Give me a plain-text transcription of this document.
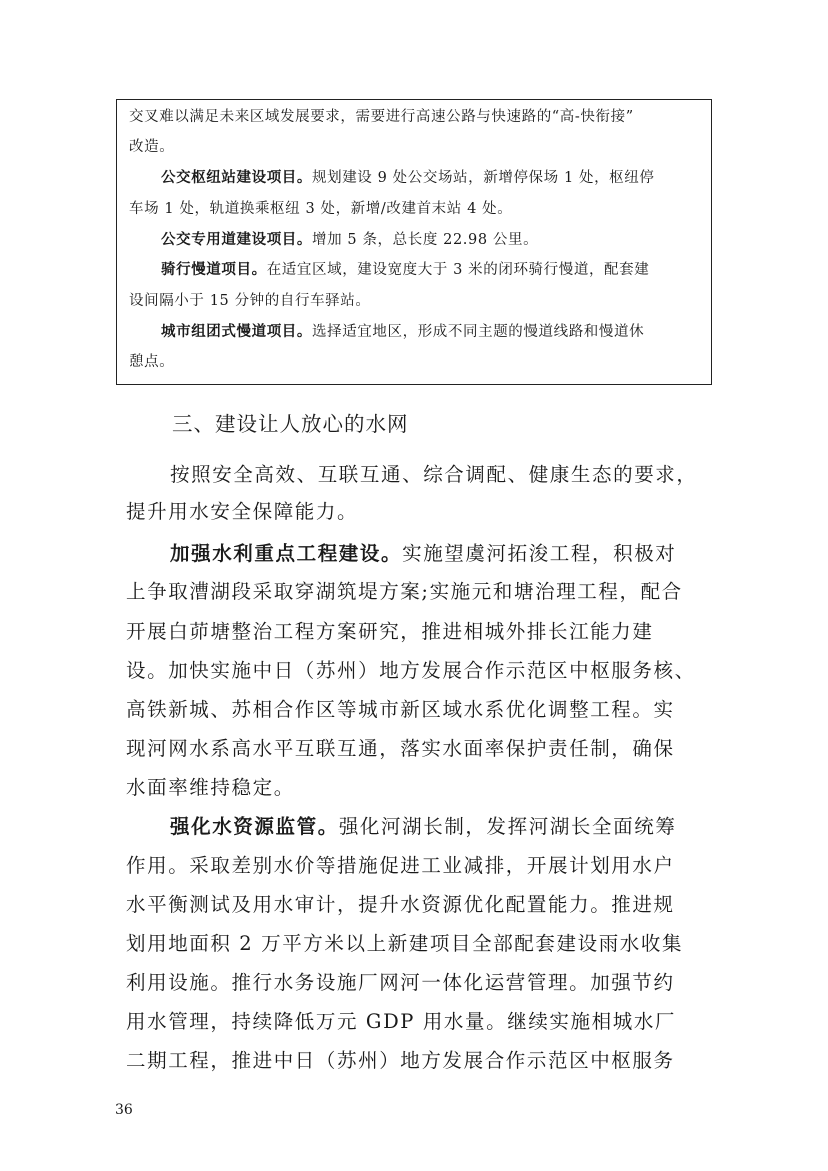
交叉难以满足未来区域发展要求，需要进行高速公路与快速路的“高-快衔接”
改造。
公交枢纽站建设项目。规划建设 9 处公交场站，新增停保场 1 处，枢纽停
车场 1 处，轨道换乘枢纽 3 处，新增/改建首末站 4 处。
公交专用道建设项目。增加 5 条，总长度 22.98 公里。
骑行慢道项目。在适宜区域，建设宽度大于 3 米的闭环骑行慢道，配套建
设间隔小于 15 分钟的自行车驿站。
城市组团式慢道项目。选择适宜地区，形成不同主题的慢道线路和慢道休
憩点。
三、建设让人放心的水网
按照安全高效、互联互通、综合调配、健康生态的要求，
提升用水安全保障能力。
加强水利重点工程建设。实施望虞河拓浚工程，积极对
上争取漕湖段采取穿湖筑堤方案;实施元和塘治理工程，配合
开展白茆塘整治工程方案研究，推进相城外排长江能力建
设。加快实施中日（苏州）地方发展合作示范区中枢服务核、
高铁新城、苏相合作区等城市新区域水系优化调整工程。实
现河网水系高水平互联互通，落实水面率保护责任制，确保
水面率维持稳定。
强化水资源监管。强化河湖长制，发挥河湖长全面统筹
作用。采取差别水价等措施促进工业减排，开展计划用水户
水平衡测试及用水审计，提升水资源优化配置能力。推进规
划用地面积 2 万平方米以上新建项目全部配套建设雨水收集
利用设施。推行水务设施厂网河一体化运营管理。加强节约
用水管理，持续降低万元 GDP 用水量。继续实施相城水厂
二期工程，推进中日（苏州）地方发展合作示范区中枢服务
36
